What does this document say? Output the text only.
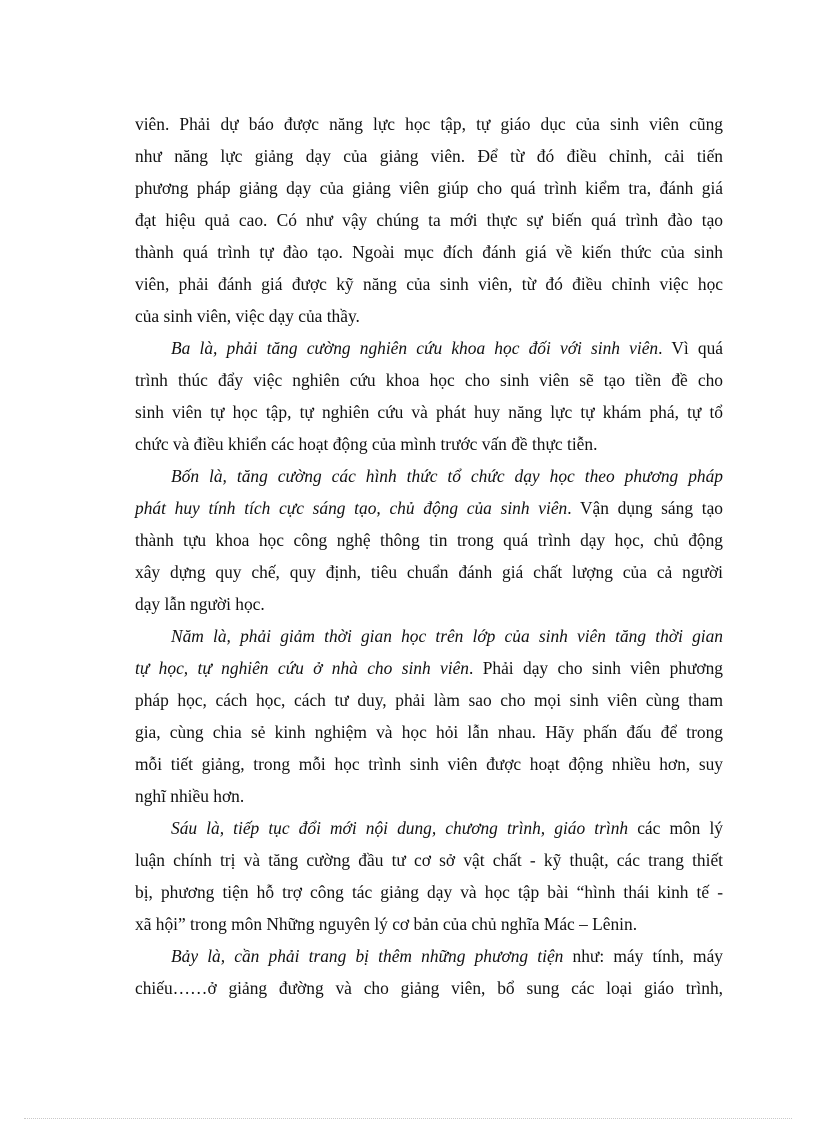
viên. Phải dự báo được năng lực học tập, tự giáo dục của sinh viên cũng
như năng lực giảng dạy của giảng viên. Để từ đó điều chỉnh, cải tiến
phương pháp giảng dạy của giảng viên giúp cho quá trình kiểm tra, đánh giá
đạt hiệu quả cao. Có như vậy chúng ta mới thực sự biến quá trình đào tạo
thành quá trình tự đào tạo. Ngoài mục đích đánh giá về kiến thức của sinh
viên, phải đánh giá được kỹ năng của sinh viên, từ đó điều chỉnh việc học
của sinh viên, việc dạy của thầy.
Ba là, phải tăng cường nghiên cứu khoa học đối với sinh viên. Vì quá
trình thúc đẩy việc nghiên cứu khoa học cho sinh viên sẽ tạo tiền đề cho
sinh viên tự học tập, tự nghiên cứu và phát huy năng lực tự khám phá, tự tổ
chức và điều khiển các hoạt động của mình trước vấn đề thực tiễn.
Bốn là, tăng cường các hình thức tổ chức dạy học theo phương pháp
phát huy tính tích cực sáng tạo, chủ động của sinh viên. Vận dụng sáng tạo
thành tựu khoa học công nghệ thông tin trong quá trình dạy học, chủ động
xây dựng quy chế, quy định, tiêu chuẩn đánh giá chất lượng của cả người
dạy lẫn người học.
Năm là, phải giảm thời gian học trên lớp của sinh viên tăng thời gian
tự học, tự nghiên cứu ở nhà cho sinh viên. Phải dạy cho sinh viên phương
pháp học, cách học, cách tư duy, phải làm sao cho mọi sinh viên cùng tham
gia, cùng chia sẻ kinh nghiệm và học hỏi lẫn nhau. Hãy phấn đấu để trong
mỗi tiết giảng, trong mỗi học trình sinh viên được hoạt động nhiều hơn, suy
nghĩ nhiều hơn.
Sáu là, tiếp tục đổi mới nội dung, chương trình, giáo trình các môn lý
luận chính trị và tăng cường đầu tư cơ sở vật chất - kỹ thuật, các trang thiết
bị, phương tiện hỗ trợ công tác giảng dạy và học tập bài “hình thái kinh tế -
xã hội” trong môn Những nguyên lý cơ bản của chủ nghĩa Mác – Lênin.
Bảy là, cần phải trang bị thêm những phương tiện như: máy tính, máy
chiếu……ở giảng đường và cho giảng viên, bổ sung các loại giáo trình,
